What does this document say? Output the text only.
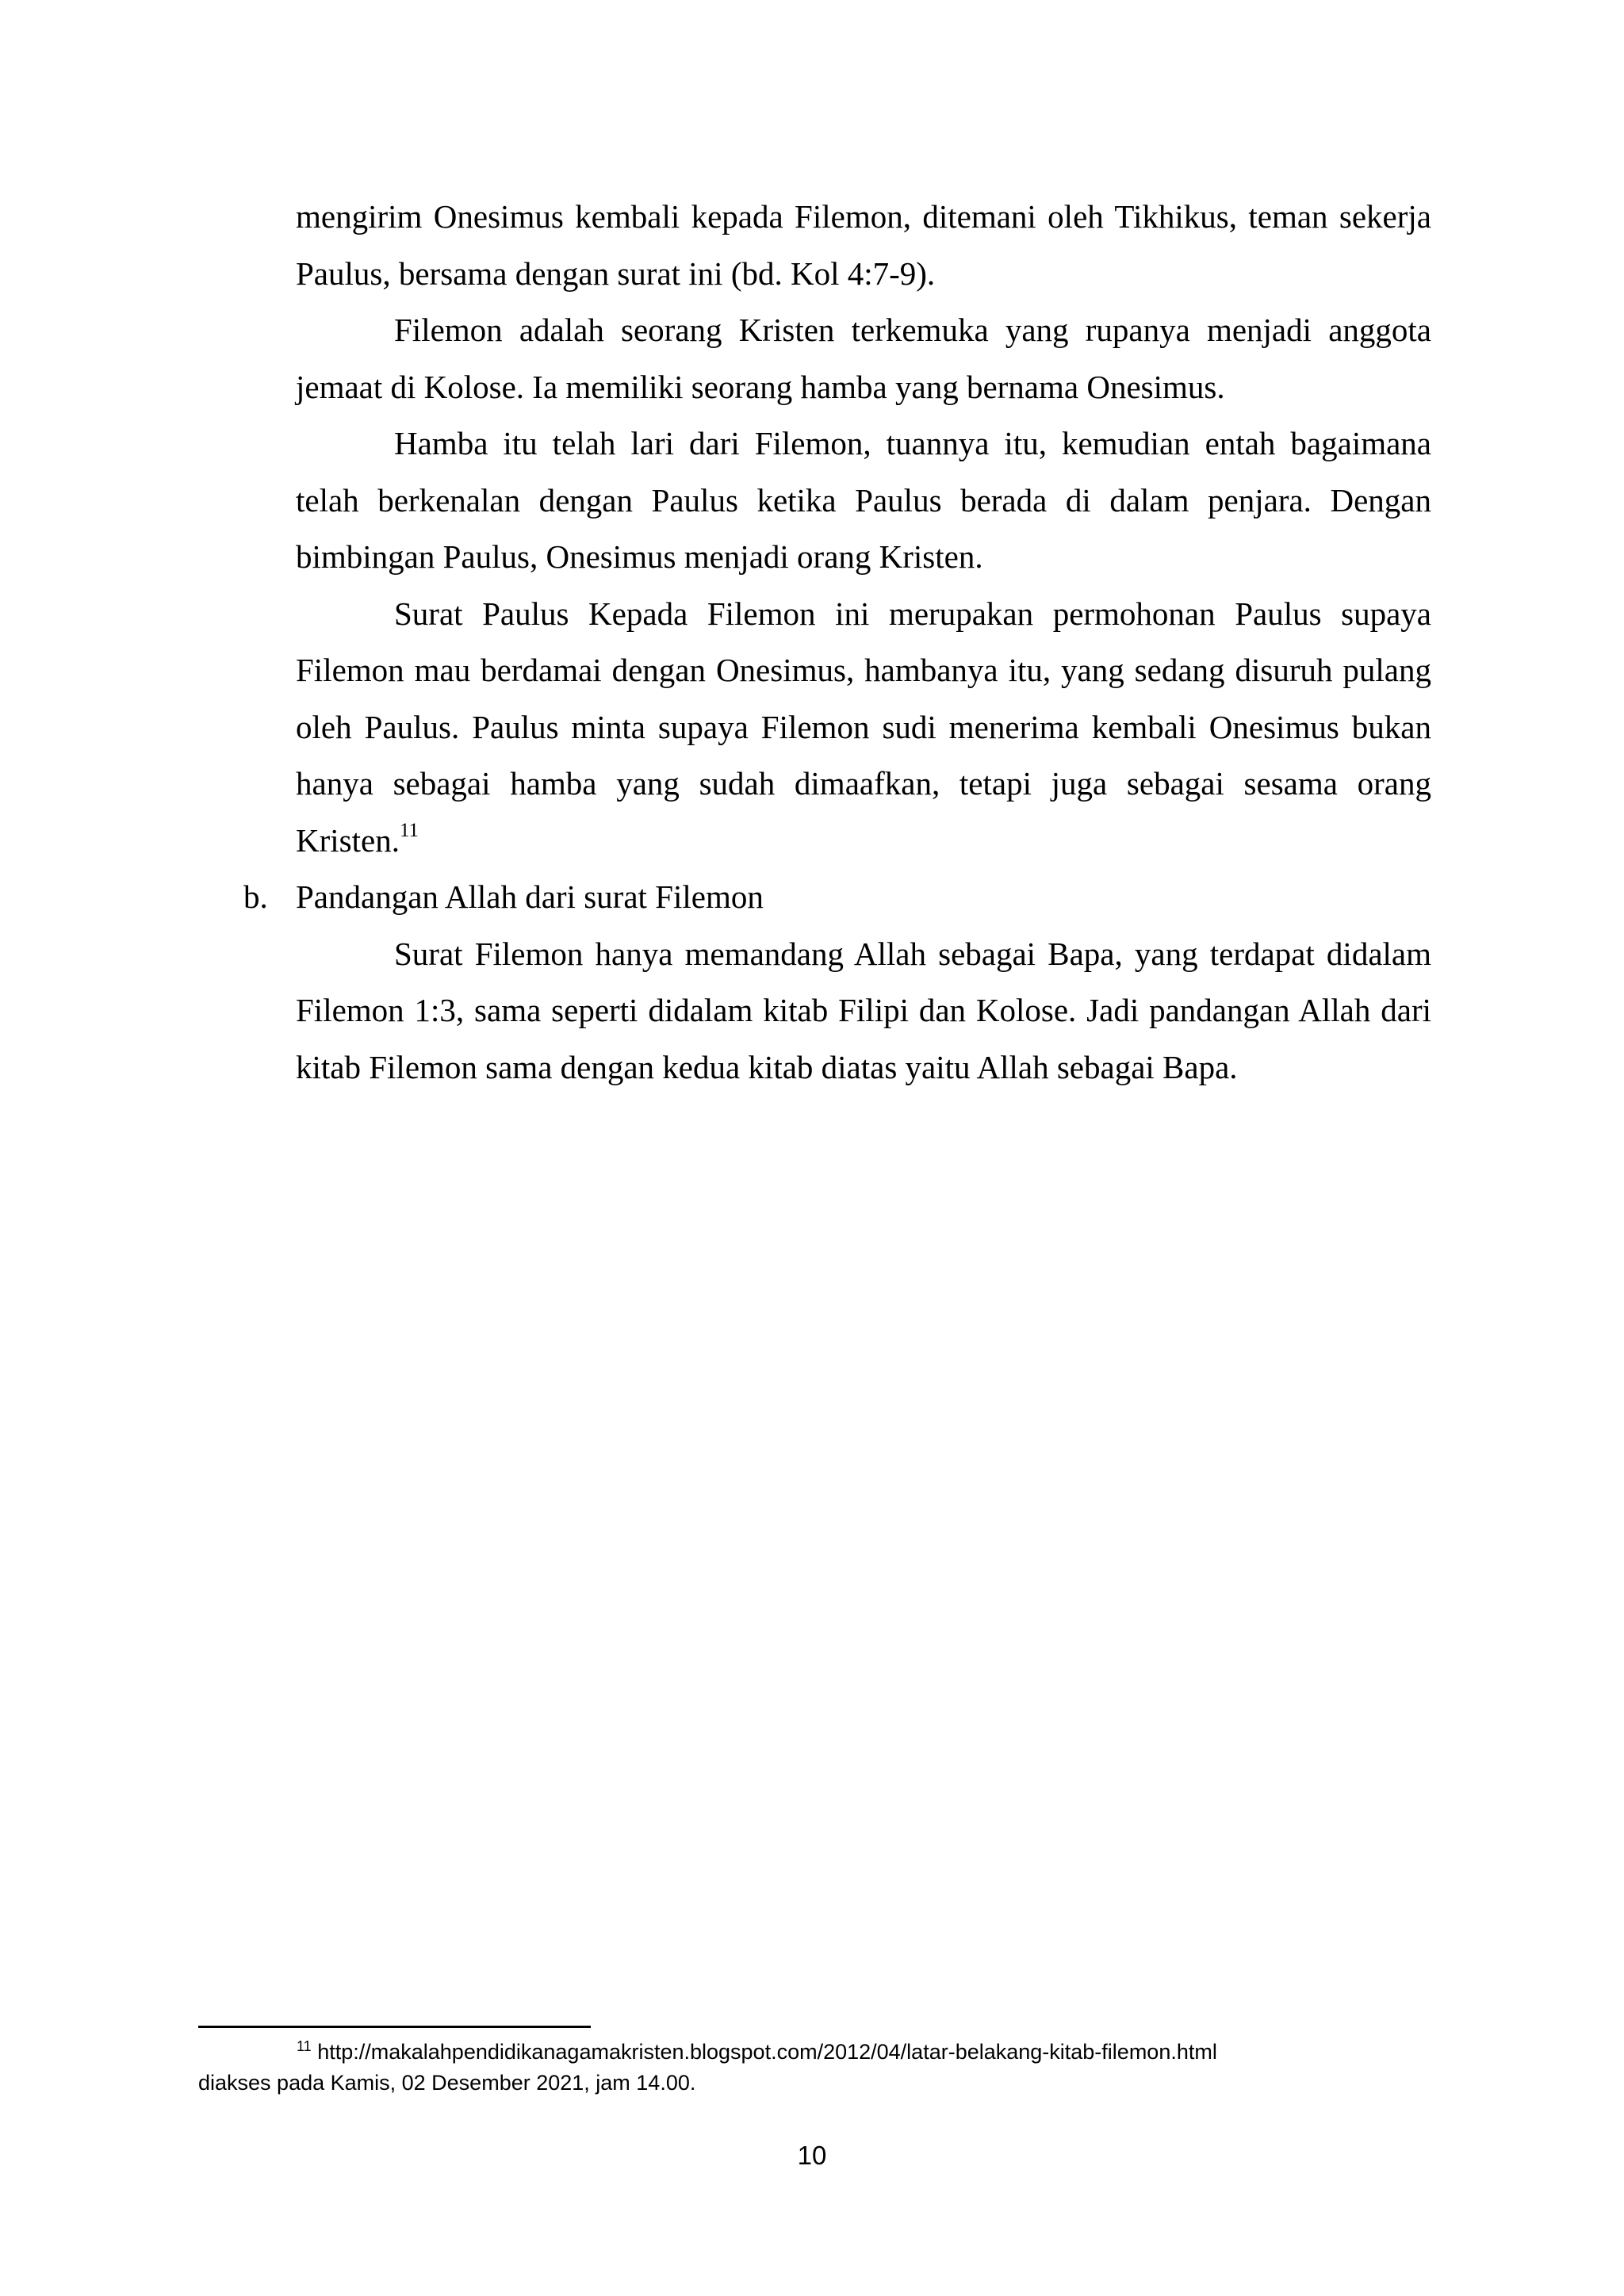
mengirim Onesimus kembali kepada Filemon, ditemani oleh Tikhikus, teman sekerja Paulus, bersama dengan surat ini (bd. Kol 4:7-9).

Filemon adalah seorang Kristen terkemuka yang rupanya menjadi anggota jemaat di Kolose. Ia memiliki seorang hamba yang bernama Onesimus.

Hamba itu telah lari dari Filemon, tuannya itu, kemudian entah bagaimana telah berkenalan dengan Paulus ketika Paulus berada di dalam penjara. Dengan bimbingan Paulus, Onesimus menjadi orang Kristen.

Surat Paulus Kepada Filemon ini merupakan permohonan Paulus supaya Filemon mau berdamai dengan Onesimus, hambanya itu, yang sedang disuruh pulang oleh Paulus. Paulus minta supaya Filemon sudi menerima kembali Onesimus bukan hanya sebagai hamba yang sudah dimaafkan, tetapi juga sebagai sesama orang Kristen.$^{11}$

b. Pandangan Allah dari surat Filemon

Surat Filemon hanya memandang Allah sebagai Bapa, yang terdapat didalam Filemon 1:3, sama seperti didalam kitab Filipi dan Kolose. Jadi pandangan Allah dari kitab Filemon sama dengan kedua kitab diatas yaitu Allah sebagai Bapa.

$^{11}$ http://makalahpendidikanagamakristen.blogspot.com/2012/04/latar-belakang-kitab-filemon.html

diakses pada Kamis, 02 Desember 2021, jam 14.00.

10
